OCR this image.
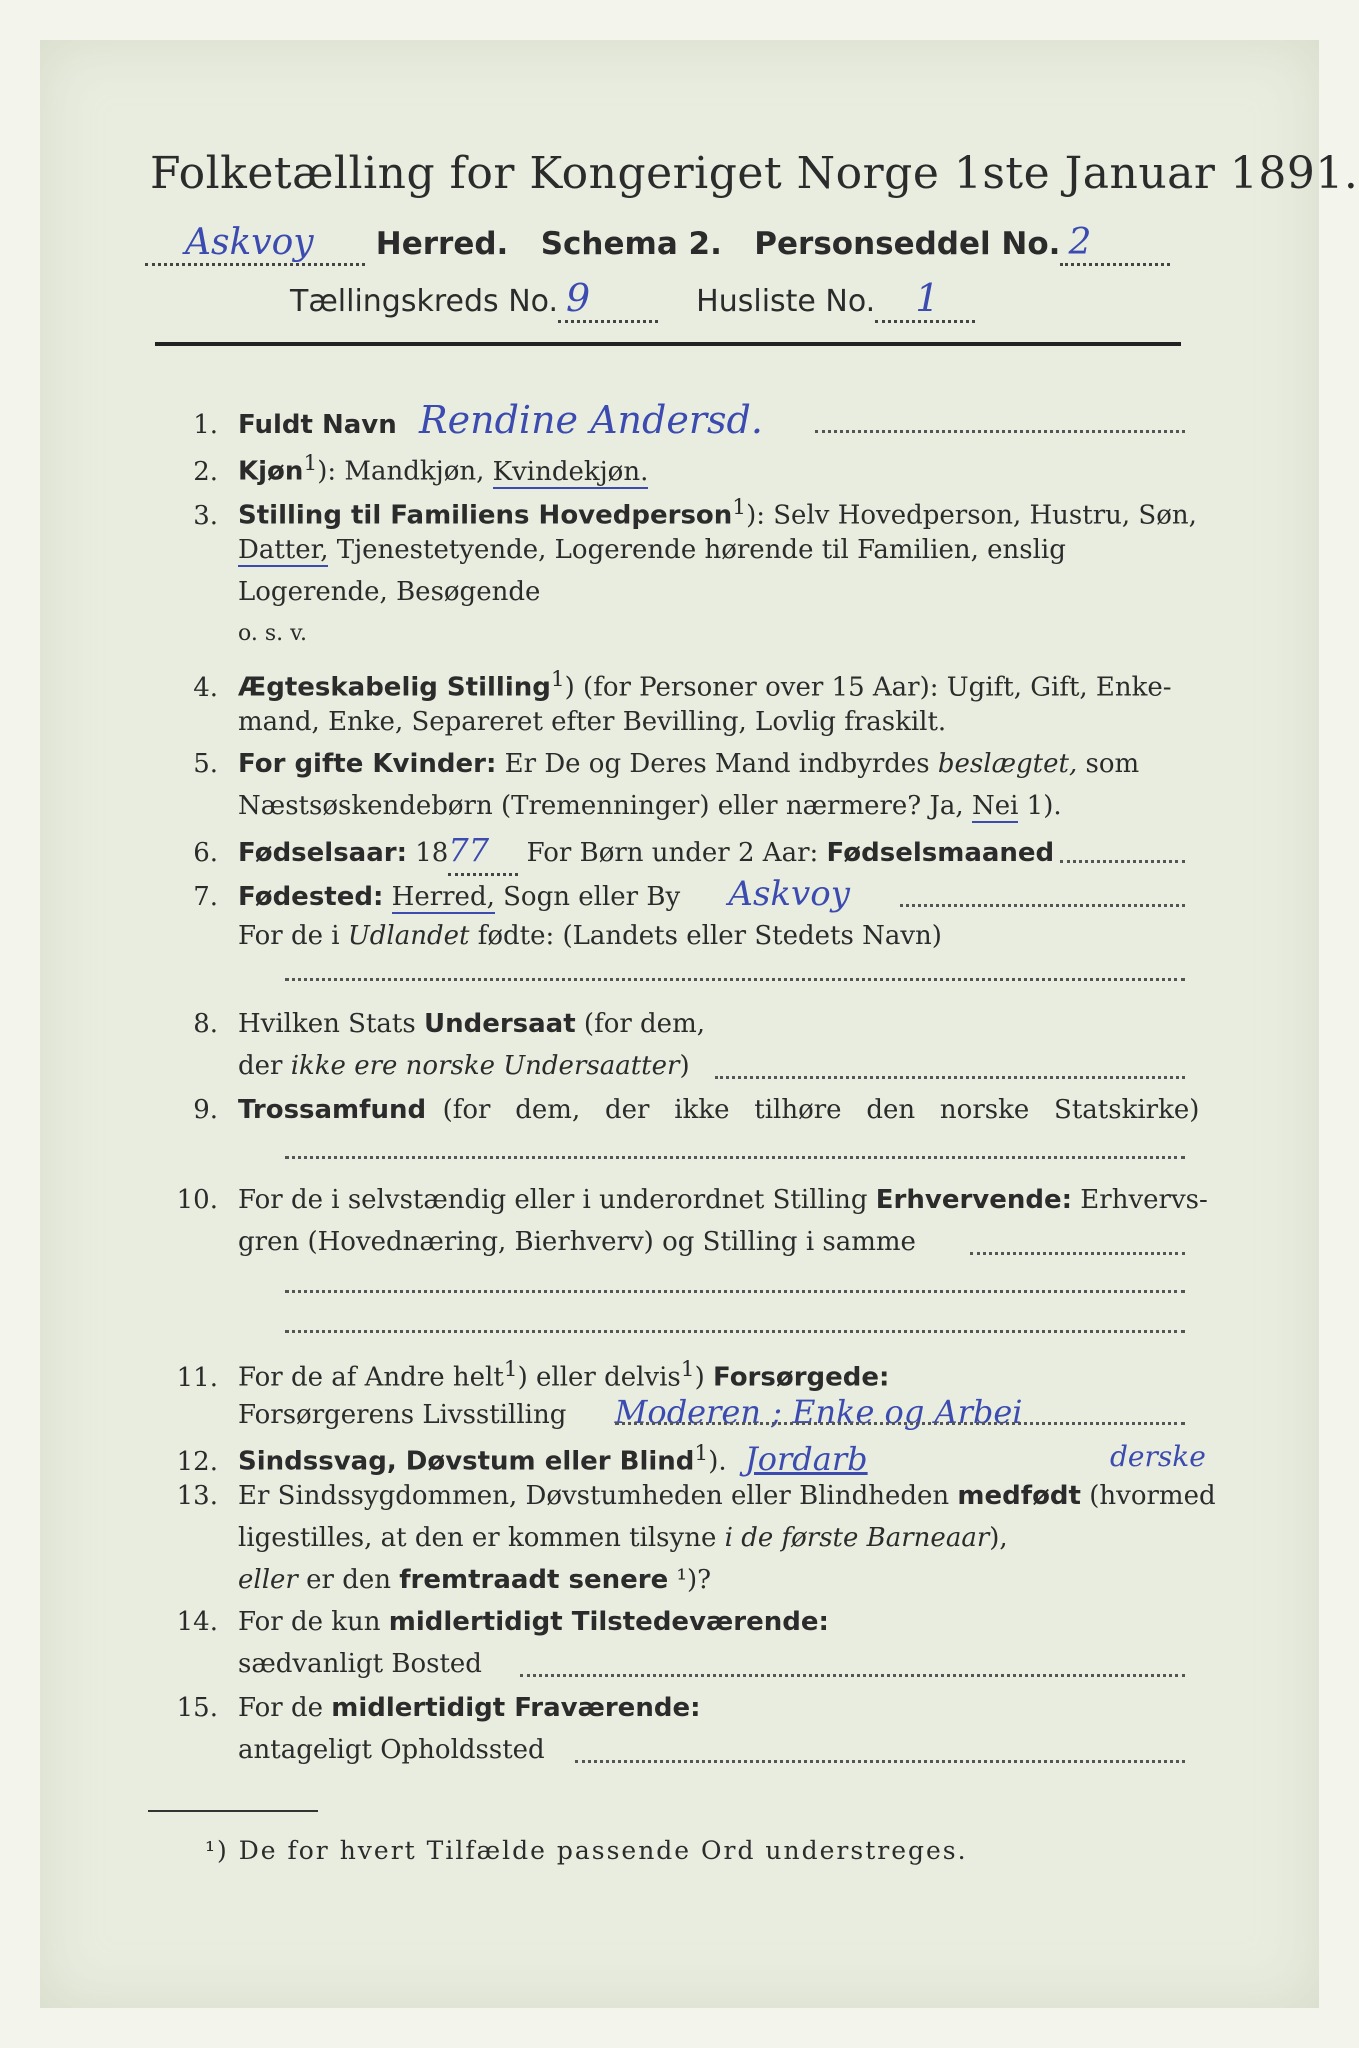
Folketælling for Kongeriget Norge 1ste Januar 1891.
Askvoy Herred. Schema 2. Personseddel No. 2
Tællingskreds No. 9	Husliste No. 1
1. Fuldt Navn Rendine Andersd.
2. Kjøn$^1$): Mandkjøn, Kvindekjøn.
3. Stilling til Familiens Hovedperson$^1$): Selv Hovedperson, Hustru, Søn,
Datter, Tjenestetyende, Logerende hørende til Familien, enslig
Logerende, Besøgende
o. s. v.
4. Ægteskabelig Stilling$^1$) (for Personer over 15 Aar): Ugift, Gift, Enke-
mand, Enke, Separeret efter Bevilling, Lovlig fraskilt.
5. For gifte Kvinder: Er De og Deres Mand indbyrdes beslægtet, som
Næstsøskendebørn (Tremenninger) eller nærmere? Ja, Nei 1).
6. Fødselsaar: 1877 For Børn under 2 Aar: Fødselsmaaned
7. Fødested: Herred, Sogn eller By Askvoy
For de i Udlandet fødte: (Landets eller Stedets Navn)
8. Hvilken Stats Undersaat (for dem,
der ikke ere norske Undersaatter)
9. Trossamfund  (for   dem,   der   ikke   tilhøre   den   norske   Statskirke)
10. For de i selvstændig eller i underordnet Stilling Erhvervende: Erhvervs-
gren (Hovednæring, Bierhverv) og Stilling i samme
11. For de af Andre helt$^1$) eller delvis$^1$) Forsørgede:
Forsørgerens Livsstilling Moderen ; Enke og Arbei
derske
12. Sindssvag, Døvstum eller Blind$^1$). Jordarb
13. Er Sindssygdommen, Døvstumheden eller Blindheden medfødt (hvormed
ligestilles, at den er kommen tilsyne i de første Barneaar),
eller er den fremtraadt senere ¹)?
14. For de kun midlertidigt Tilstedeværende:
sædvanligt Bosted
15. For de midlertidigt Fraværende:
antageligt Opholdssted
¹) De for hvert Tilfælde passende Ord understreges.
